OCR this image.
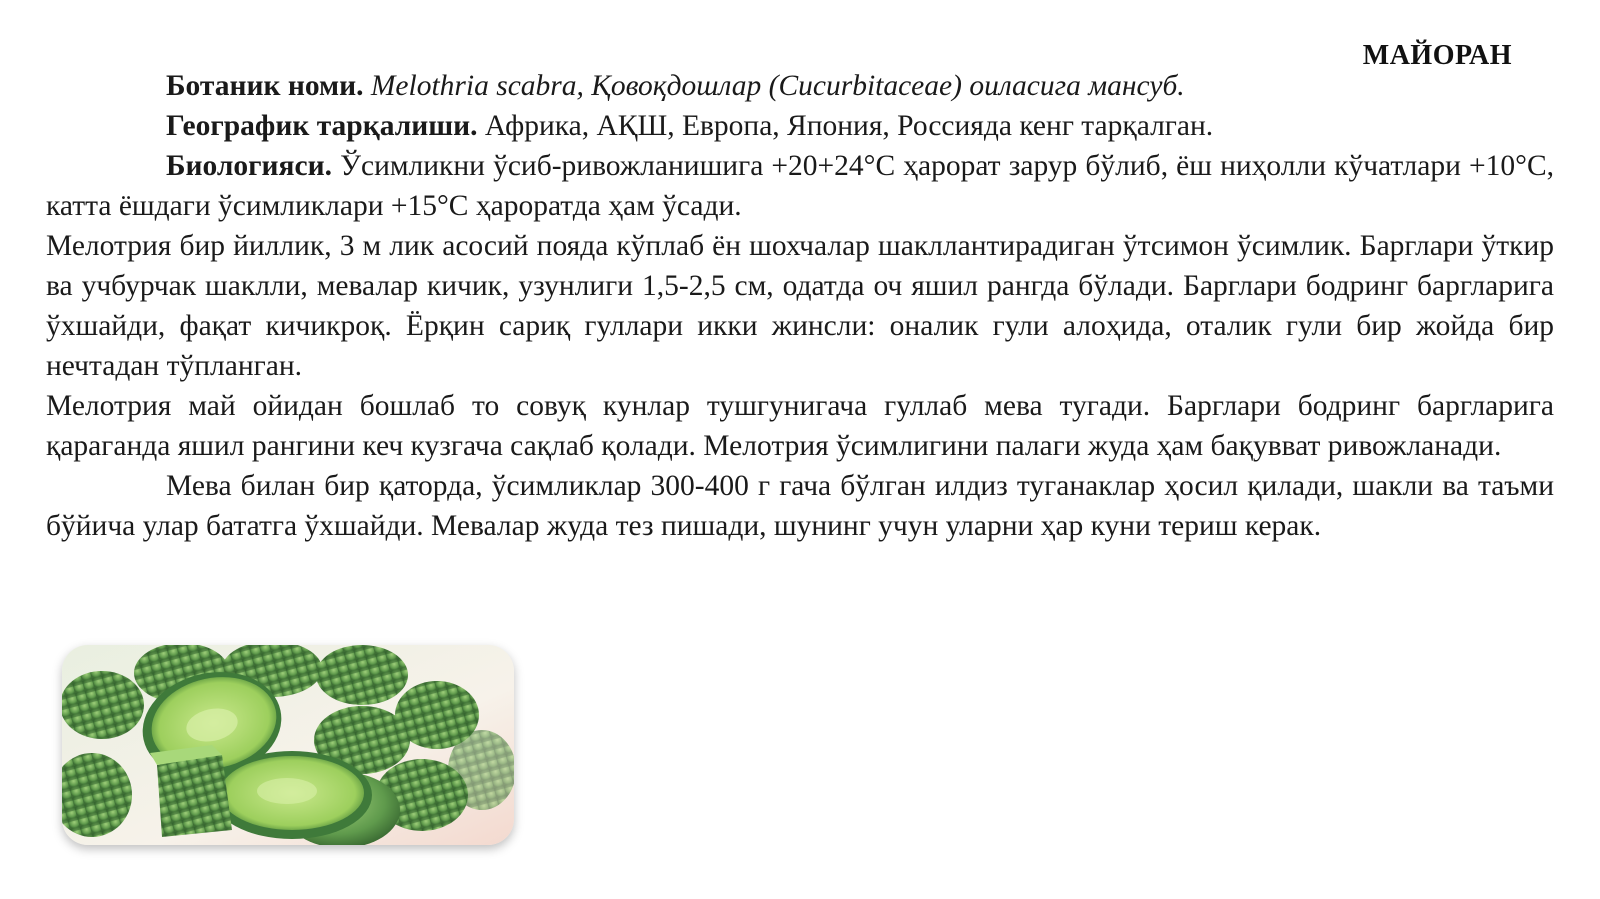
МАЙОРАН

Ботаник номи. Melothria scabra, Қовоқдошлар (Cucurbitaceae) оиласига мансуб.

Географик тарқалиши. Африка, АҚШ, Европа, Япония, Россияда кенг тарқалган.

Биологияси. Ўсимликни ўсиб-ривожланишига +20+24°С ҳарорат зарур бўлиб, ёш ниҳолли кўчатлари +10°С, катта ёшдаги ўсимликлари +15°С ҳароратда ҳам ўсади.

Мелотрия бир йиллик, 3 м лик асосий пояда кўплаб ён шохчалар шакллантирадиган ўтсимон ўсимлик. Барглари ўткир ва учбурчак шаклли, мевалар кичик, узунлиги 1,5-2,5 см, одатда оч яшил рангда бўлади. Барглари бодринг баргларига ўхшайди, фақат кичикроқ. Ёрқин сариқ гуллари икки жинсли: оналик гули алоҳида, оталик гули бир жойда бир нечтадан тўпланган.

Мелотрия май ойидан бошлаб то совуқ кунлар тушгунигача гуллаб мева тугади. Барглари бодринг баргларига қараганда яшил рангини кеч кузгача сақлаб қолади. Мелотрия ўсимлигини палаги жуда ҳам бақувват ривожланади.

Мева билан бир қаторда, ўсимликлар 300-400 г гача бўлган илдиз туганаклар ҳосил қилади, шакли ва таъми бўйича улар бататга ўхшайди. Мевалар жуда тез пишади, шунинг учун уларни ҳар куни териш керак.
